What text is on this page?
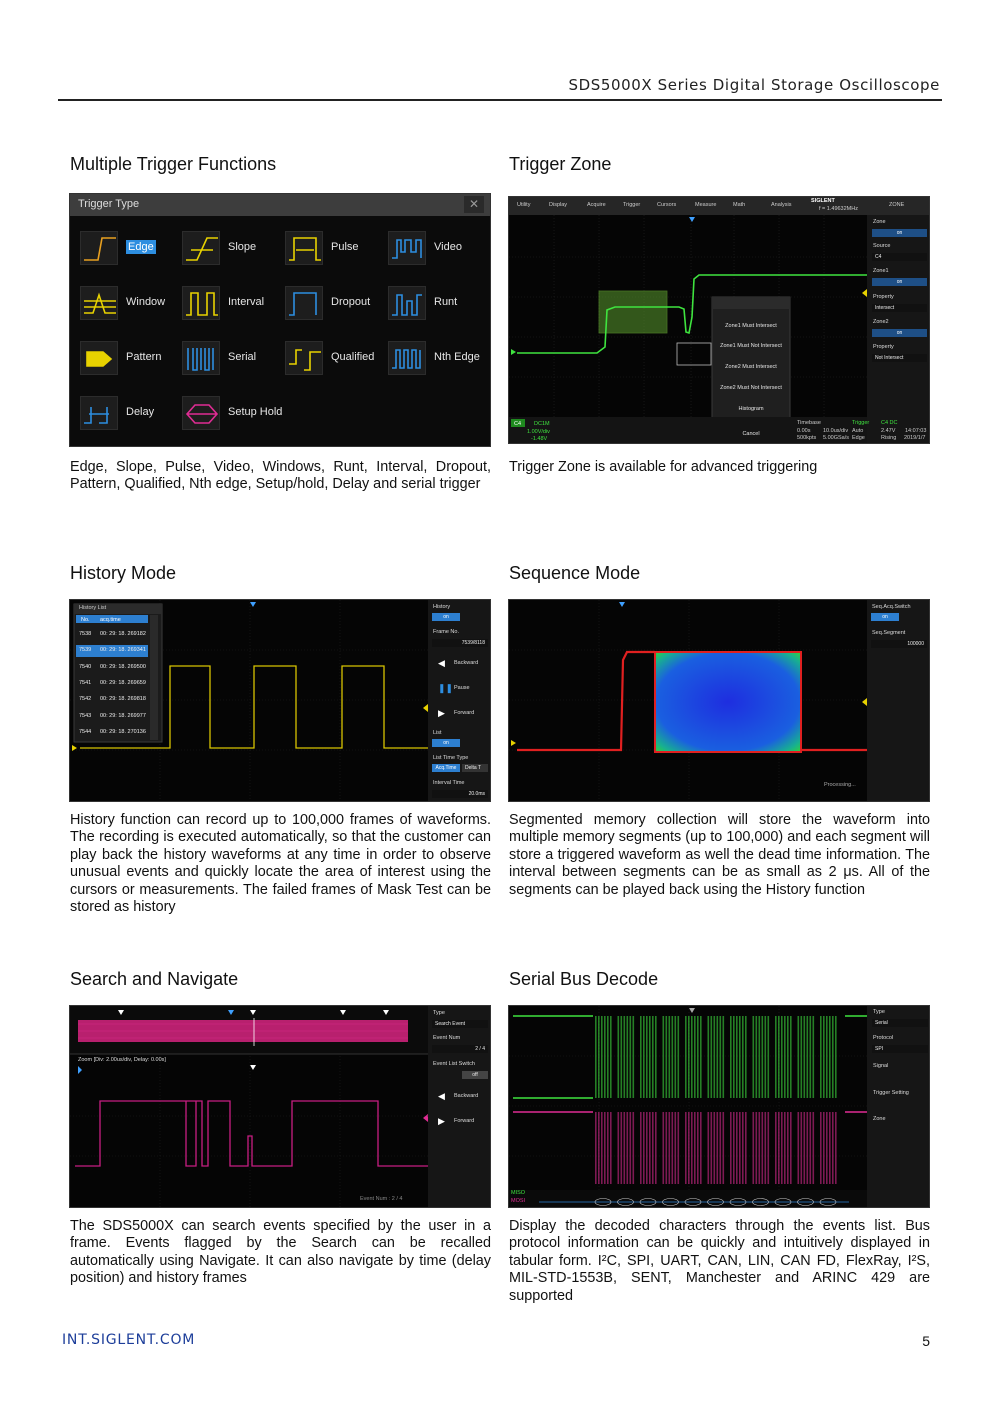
SDS5000X Series Digital Storage Oscilloscope
Multiple Trigger Functions
Trigger Type	✕
Edge	Slope	Pulse	Video
Window	Interval	Dropout	Runt
Pattern	Serial	Qualified	Nth Edge
Delay	Setup Hold
Edge, Slope, Pulse, Video, Windows, Runt, Interval, Dropout, Pattern, Qualified, Nth edge, Setup/hold, Delay and serial trigger
Trigger Zone
SIGLENT
f = 1.49632MHz
ZONE
C4 DC1M
1.00V/div
-1.48V
Timebase
0.00s 10.0us/div
500kpts 5.00GSa/s
Trigger C4 DC
Auto	2.47V
Edge	Rising
14:07:03
2019/1/7
Utility	Display	Acquire	Trigger	Cursors	Measure	Math	Analysis
Zone
on
Source
C4
Zone1
on
Property
Intersect
Zone2
on
Property
Not Intersect
Zone1 Must Intersect
Zone1 Must Not Intersect
Zone2 Must Intersect
Zone2 Must Not Intersect
Histogram
Cancel
Trigger Zone is available for advanced triggering
History Mode
History List
No. acq.time
7538 00: 29: 18. 269182
7539 00: 29: 18. 269341
7540 00: 29: 18. 269500
7541 00: 29: 18. 269659
7542 00: 29: 18. 269818
7543 00: 29: 18. 269977
7544 00: 29: 18. 270136
History
on
Frame No.
7539/8118
◀ Backward
❚❚ Pause
▶ Forward
List
on
List Time Type
Acq.Time	Delta T
Interval Time
20.0ms
History function can record up to 100,000 frames of waveforms. The recording is executed automatically, so that the customer can play back the history waveforms at any time in order to observe unusual events and quickly locate the area of interest using the cursors or measurements. The failed frames of Mask Test can be stored as history
Sequence Mode
Seq.Acq.Switch
on
Seq.Segment
100000
Processing...
Segmented memory collection will store the waveform into multiple memory segments (up to 100,000) and each segment will store a triggered waveform as well the dead time information. The interval between segments can be as small as 2 μs. All of the segments can be played back using the History function
Search and Navigate
Zoom [Div: 2.00us/div, Delay: 0.00s]
Event Num : 2 / 4
Type
Search Event
Event Num
2 / 4
Event List Switch
off
◀ Backward
▶ Forward
The SDS5000X can search events specified by the user in a frame. Events flagged by the Search can be recalled automatically using Navigate. It can also navigate by time (delay position) and history frames
Serial Bus Decode
MISO
MOSI
Type
Serial
Protocol
SPI
Signal
Trigger Setting
Zone
Display the decoded characters through the events list. Bus protocol information can be quickly and intuitively displayed in tabular form. I²C, SPI, UART, CAN, LIN, CAN FD, FlexRay, I²S, MIL-STD-1553B, SENT, Manchester and ARINC 429 are supported
INT.SIGLENT.COM	5
